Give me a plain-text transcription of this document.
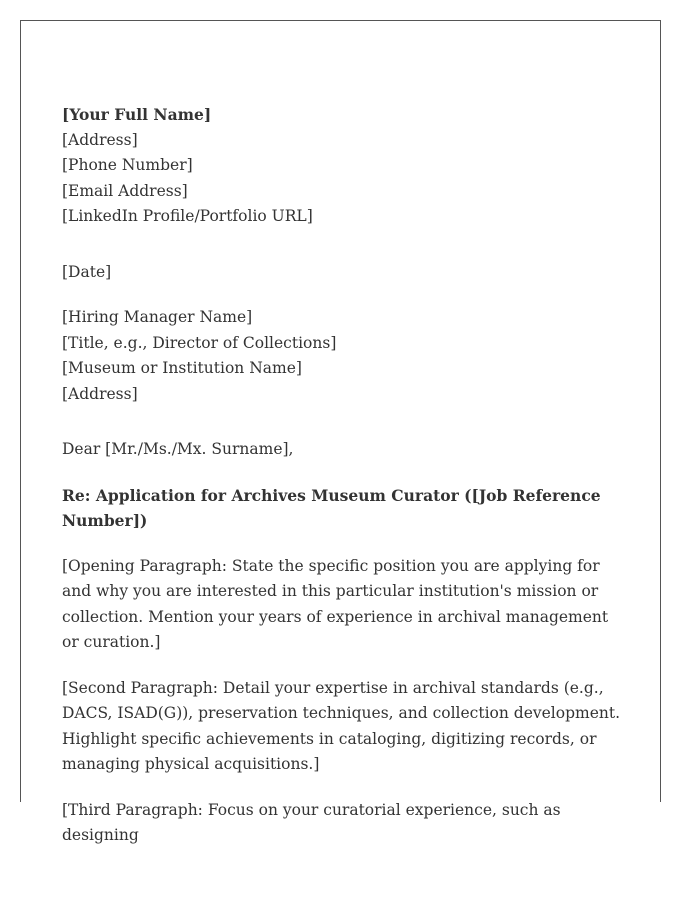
[Your Full Name]
[Address]
[Phone Number]
[Email Address]
[LinkedIn Profile/Portfolio URL]
[Date]
[Hiring Manager Name]
[Title, e.g., Director of Collections]
[Museum or Institution Name]
[Address]
Dear [Mr./Ms./Mx. Surname],
Re: Application for Archives Museum Curator ([Job Reference Number])
[Opening Paragraph: State the specific position you are applying for and why you are interested in this particular institution's mission or collection. Mention your years of experience in archival management or curation.]
[Second Paragraph: Detail your expertise in archival standards (e.g., DACS, ISAD(G)), preservation techniques, and collection development. Highlight specific achievements in cataloging, digitizing records, or managing physical acquisitions.]
[Third Paragraph: Focus on your curatorial experience, such as designing
